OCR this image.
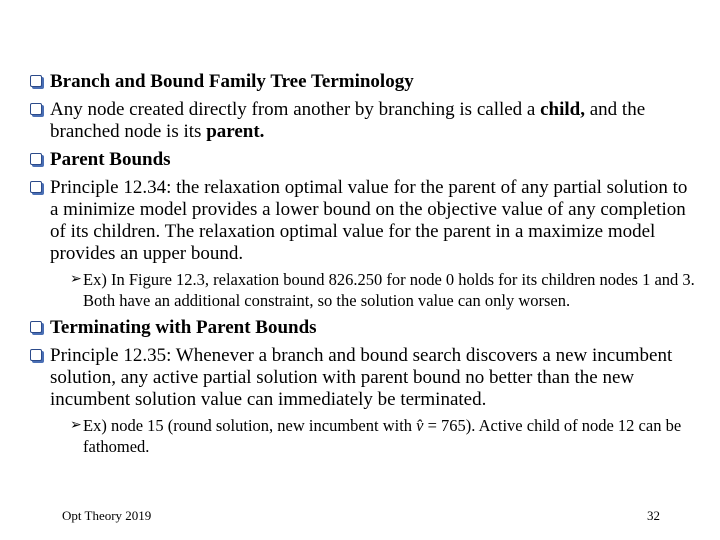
Branch and Bound Family Tree Terminology
Any node created directly from another by branching is called a child, and the branched node is its parent.
Parent Bounds
Principle 12.34: the relaxation optimal value for the parent of any partial solution to a minimize model provides a lower bound on the objective value of any completion of its children. The relaxation optimal value for the parent in a maximize model provides an upper bound.
➢ Ex) In Figure 12.3, relaxation bound 826.250 for node 0 holds for its children nodes 1 and 3. Both have an additional constraint, so the solution value can only worsen.
Terminating with Parent Bounds
Principle 12.35: Whenever a branch and bound search discovers a new incumbent solution, any active partial solution with parent bound no better than the new incumbent solution value can immediately be terminated.
➢ Ex) node 15 (round solution, new incumbent with v̂ = 765). Active child of node 12 can be fathomed.
Opt Theory 2019	32
